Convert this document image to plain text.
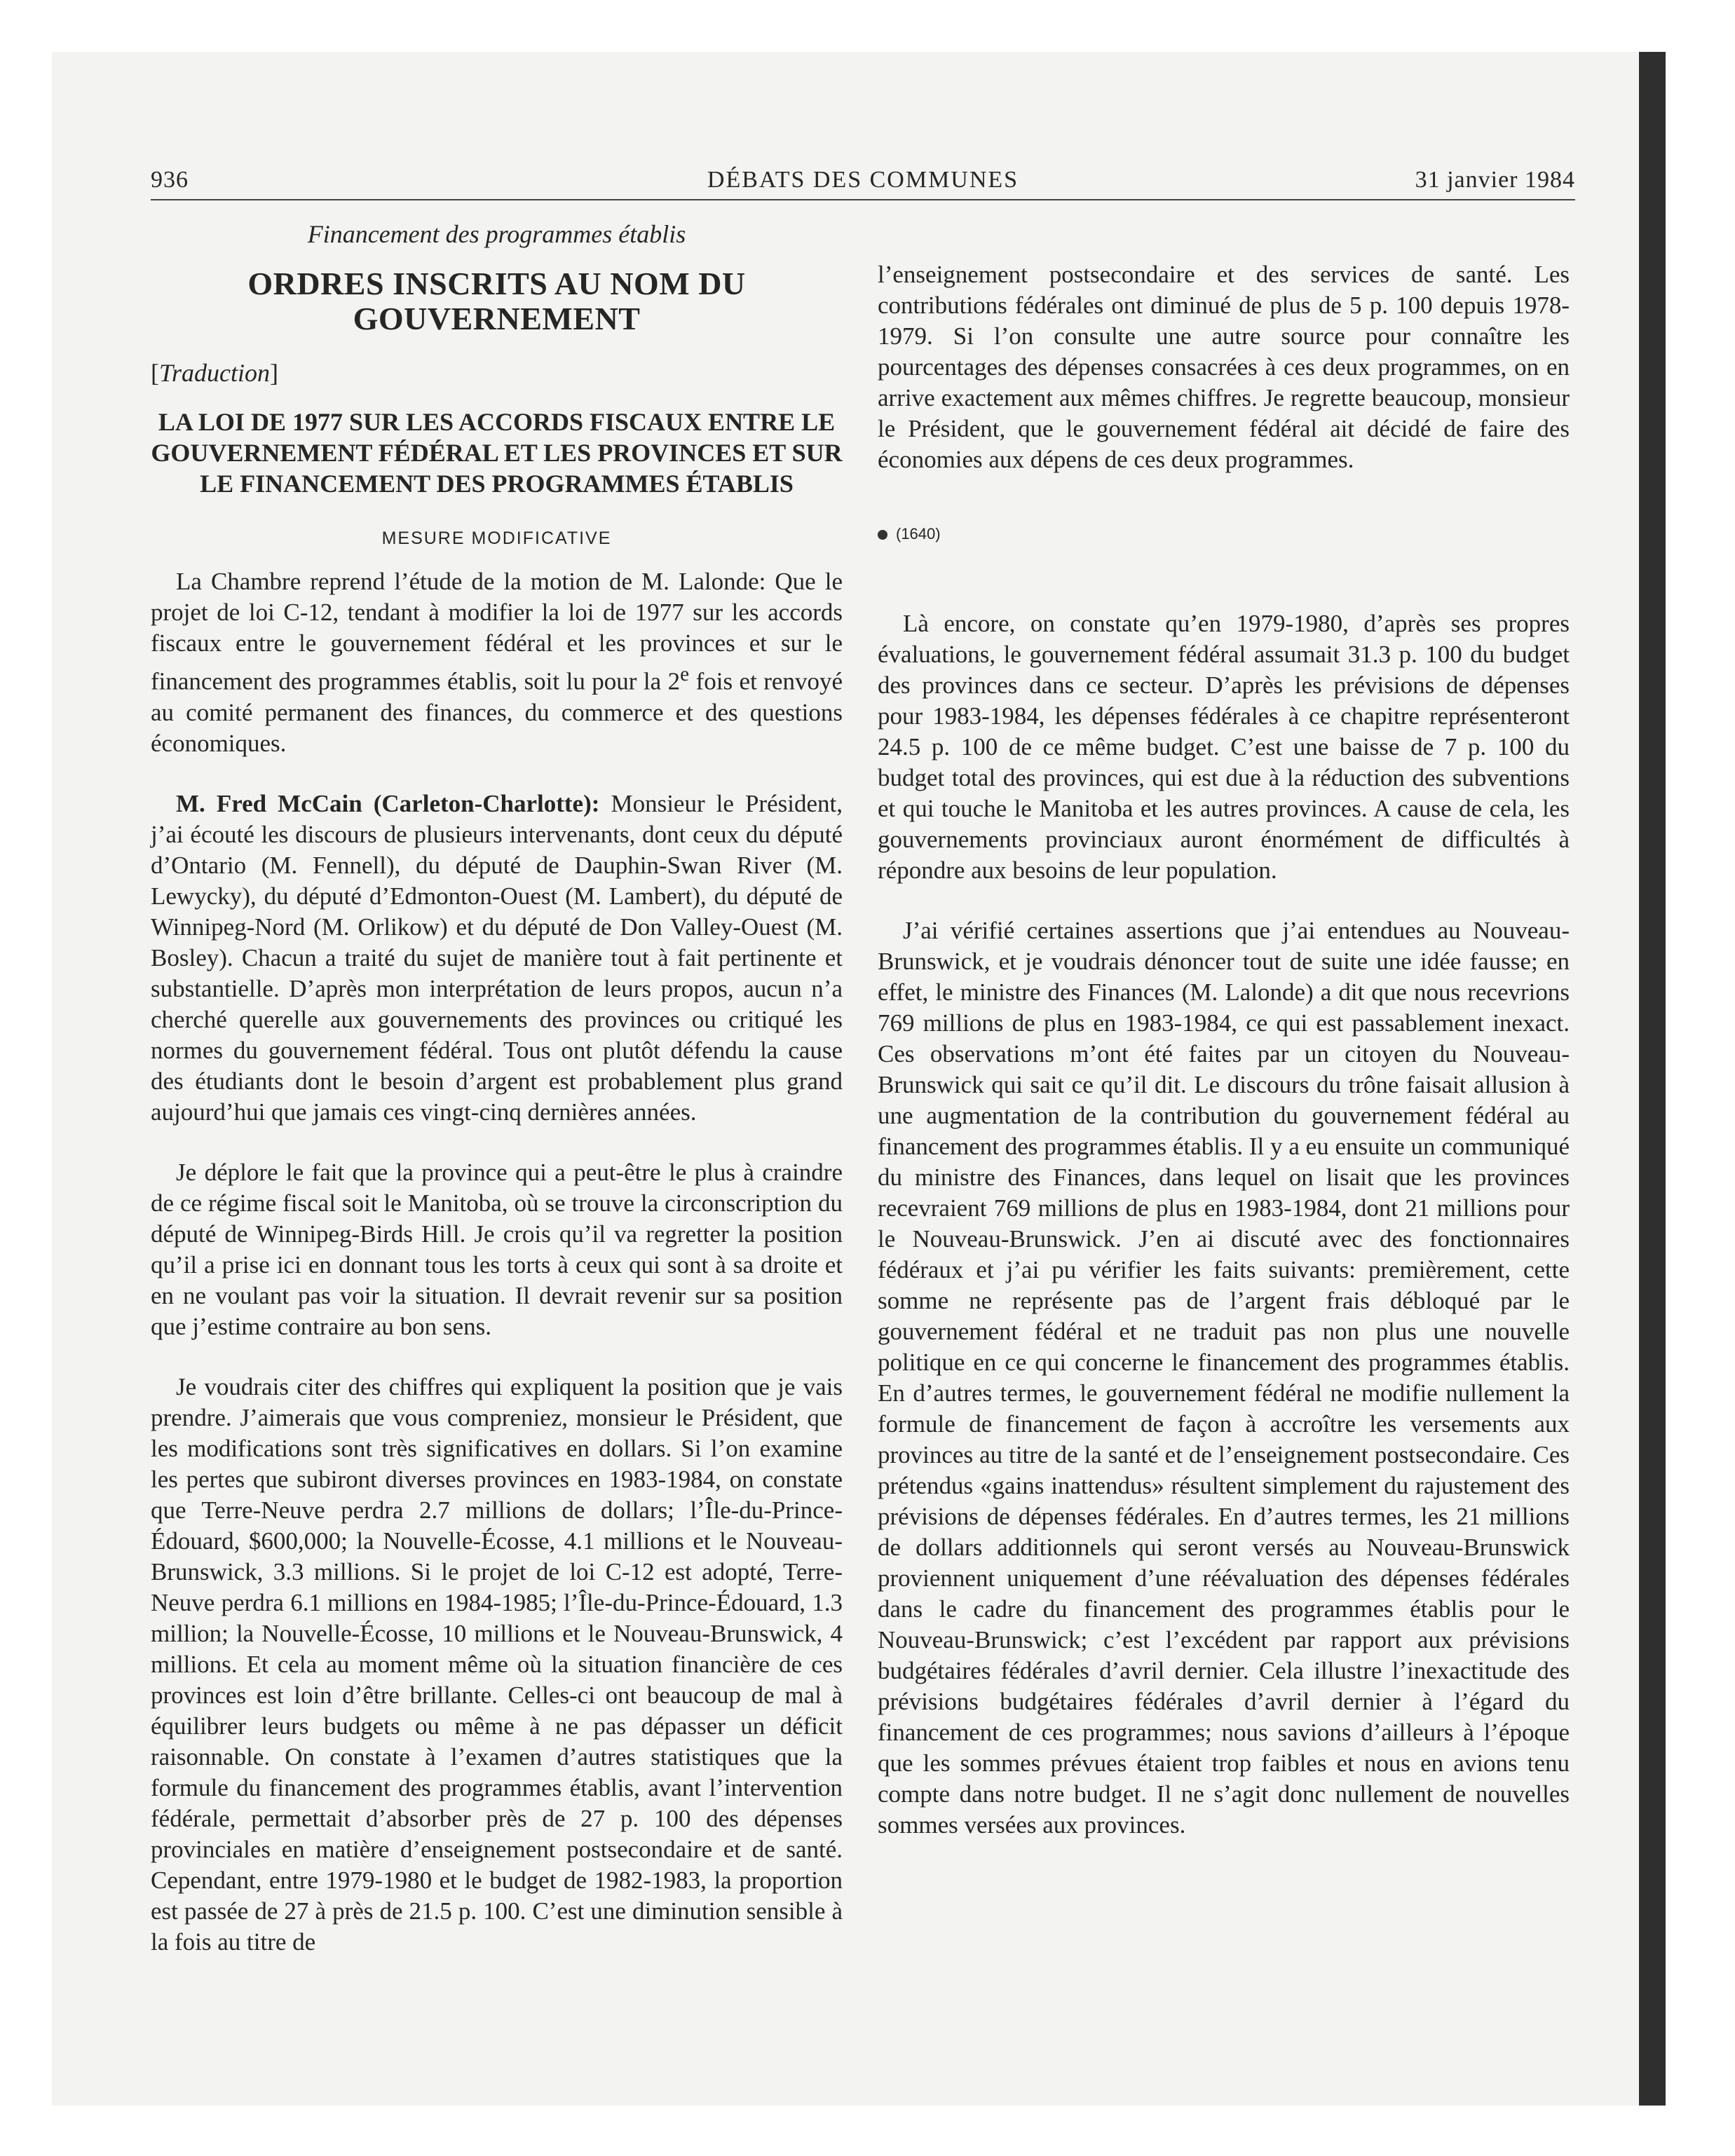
936	DÉBATS DES COMMUNES	31 janvier 1984
Financement des programmes établis
ORDRES INSCRITS AU NOM DU GOUVERNEMENT
[Traduction]
LA LOI DE 1977 SUR LES ACCORDS FISCAUX ENTRE LE GOUVERNEMENT FÉDÉRAL ET LES PROVINCES ET SUR LE FINANCEMENT DES PROGRAMMES ÉTABLIS
MESURE MODIFICATIVE

La Chambre reprend l’étude de la motion de M. Lalonde: Que le projet de loi C-12, tendant à modifier la loi de 1977 sur les accords fiscaux entre le gouvernement fédéral et les provinces et sur le financement des programmes établis, soit lu pour la 2e fois et renvoyé au comité permanent des finances, du commerce et des questions économiques.

M. Fred McCain (Carleton-Charlotte): Monsieur le Président, j’ai écouté les discours de plusieurs intervenants, dont ceux du député d’Ontario (M. Fennell), du député de Dauphin-Swan River (M. Lewycky), du député d’Edmonton-Ouest (M. Lambert), du député de Winnipeg-Nord (M. Orlikow) et du député de Don Valley-Ouest (M. Bosley). Chacun a traité du sujet de manière tout à fait pertinente et substantielle. D’après mon interprétation de leurs propos, aucun n’a cherché querelle aux gouvernements des provinces ou critiqué les normes du gouvernement fédéral. Tous ont plutôt défendu la cause des étudiants dont le besoin d’argent est probablement plus grand aujourd’hui que jamais ces vingt-cinq dernières années.

Je déplore le fait que la province qui a peut-être le plus à craindre de ce régime fiscal soit le Manitoba, où se trouve la circonscription du député de Winnipeg-Birds Hill. Je crois qu’il va regretter la position qu’il a prise ici en donnant tous les torts à ceux qui sont à sa droite et en ne voulant pas voir la situation. Il devrait revenir sur sa position que j’estime contraire au bon sens.

Je voudrais citer des chiffres qui expliquent la position que je vais prendre. J’aimerais que vous compreniez, monsieur le Président, que les modifications sont très significatives en dollars. Si l’on examine les pertes que subiront diverses provinces en 1983-1984, on constate que Terre-Neuve perdra 2.7 millions de dollars; l’Île-du-Prince-Édouard, $600,000; la Nouvelle-Écosse, 4.1 millions et le Nouveau-Brunswick, 3.3 millions. Si le projet de loi C-12 est adopté, Terre-Neuve perdra 6.1 millions en 1984-1985; l’Île-du-Prince-Édouard, 1.3 million; la Nouvelle-Écosse, 10 millions et le Nouveau-Brunswick, 4 millions. Et cela au moment même où la situation financière de ces provinces est loin d’être brillante. Celles-ci ont beaucoup de mal à équilibrer leurs budgets ou même à ne pas dépasser un déficit raisonnable. On constate à l’examen d’autres statistiques que la formule du financement des programmes établis, avant l’intervention fédérale, permettait d’absorber près de 27 p. 100 des dépenses provinciales en matière d’enseignement postsecondaire et de santé. Cependant, entre 1979-1980 et le budget de 1982-1983, la proportion est passée de 27 à près de 21.5 p. 100. C’est une diminution sensible à la fois au titre de

l’enseignement postsecondaire et des services de santé. Les contributions fédérales ont diminué de plus de 5 p. 100 depuis 1978-1979. Si l’on consulte une autre source pour connaître les pourcentages des dépenses consacrées à ces deux programmes, on en arrive exactement aux mêmes chiffres. Je regrette beaucoup, monsieur le Président, que le gouvernement fédéral ait décidé de faire des économies aux dépens de ces deux programmes.

(1640)

Là encore, on constate qu’en 1979-1980, d’après ses propres évaluations, le gouvernement fédéral assumait 31.3 p. 100 du budget des provinces dans ce secteur. D’après les prévisions de dépenses pour 1983-1984, les dépenses fédérales à ce chapitre représenteront 24.5 p. 100 de ce même budget. C’est une baisse de 7 p. 100 du budget total des provinces, qui est due à la réduction des subventions et qui touche le Manitoba et les autres provinces. A cause de cela, les gouvernements provinciaux auront énormément de difficultés à répondre aux besoins de leur population.

J’ai vérifié certaines assertions que j’ai entendues au Nouveau-Brunswick, et je voudrais dénoncer tout de suite une idée fausse; en effet, le ministre des Finances (M. Lalonde) a dit que nous recevrions 769 millions de plus en 1983-1984, ce qui est passablement inexact. Ces observations m’ont été faites par un citoyen du Nouveau-Brunswick qui sait ce qu’il dit. Le discours du trône faisait allusion à une augmentation de la contribution du gouvernement fédéral au financement des programmes établis. Il y a eu ensuite un communiqué du ministre des Finances, dans lequel on lisait que les provinces recevraient 769 millions de plus en 1983-1984, dont 21 millions pour le Nouveau-Brunswick. J’en ai discuté avec des fonctionnaires fédéraux et j’ai pu vérifier les faits suivants: premièrement, cette somme ne représente pas de l’argent frais débloqué par le gouvernement fédéral et ne traduit pas non plus une nouvelle politique en ce qui concerne le financement des programmes établis. En d’autres termes, le gouvernement fédéral ne modifie nullement la formule de financement de façon à accroître les versements aux provinces au titre de la santé et de l’enseignement postsecondaire. Ces prétendus «gains inattendus» résultent simplement du rajustement des prévisions de dépenses fédérales. En d’autres termes, les 21 millions de dollars additionnels qui seront versés au Nouveau-Brunswick proviennent uniquement d’une réévaluation des dépenses fédérales dans le cadre du financement des programmes établis pour le Nouveau-Brunswick; c’est l’excédent par rapport aux prévisions budgétaires fédérales d’avril dernier. Cela illustre l’inexactitude des prévisions budgétaires fédérales d’avril dernier à l’égard du financement de ces programmes; nous savions d’ailleurs à l’époque que les sommes prévues étaient trop faibles et nous en avions tenu compte dans notre budget. Il ne s’agit donc nullement de nouvelles sommes versées aux provinces.
